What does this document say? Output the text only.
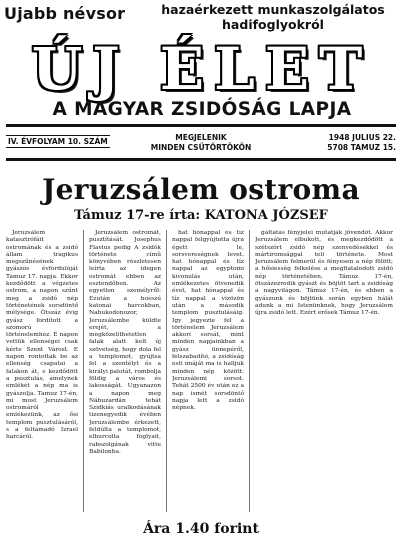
Ujabb névsor	hazaérkezett munkaszolgálatos hadifoglyokról
ÚJ ÉLET
A MAGYAR ZSIDÓSÁG LAPJA
IV. ÉVFOLYAM 10. SZÁM	MEGJELENIK
MINDEN CSÜTÖRTÖKÖN
1948 JULIUS 22.
5708 TAMUZ 15.
Jeruzsálem ostroma
Támuz 17-re írta: KATONA JÓZSEF

Jeruzsálem katasztrófáit ostromának és a zsidó állam tragikus megszűnésének gyászos évfordulóját Tamuz 17. napja. Ekkor kezdődött a végzetes ostrom, a napon szűnt meg a zsidó nép történetének sorsdöntő mélysége. Ötszáz évig gyász fordított a szomorú történelemhez. E napon vettük ellenségei csak kérte Szent Várost. E napon rontottak be az ellenség csapatai a falakon át, s kezdődött a pusztulás, amelynek emlékét a nép ma is gyászolja. Tamuz 17-én, mi most Jeruzsálem ostromáról emlékezünk, az ősi templom pusztulásáról, s a feltámadó Izrael harcáról.

Jeruzsálem ostromát, pusztítását. Josephus Flavius pedig A zsidók története című könyvében részletesen leírta az idegen ostromát ebben az esztendőben. Az egyetlen személyről: Ezután a hosszú katonai harcokban, Nabukodonozor, Jeruzsálembe küldte erejét, a megközelíthetetlen falak alatt kelt új szövetség, hogy dola fel a templomot, gyújtsa fel a szentélyt és a királyi palotát, rombolja földig a város és lakosságát. Ugyanazon a napon meg Nábuzardán tehát Szidkiás uralkodásának tizenegyedik évében Jeruzsálembe érkezett, feldúlta a templomot, elhurcolta foglyait, rabszolgának vitte Babilonba.

hat hónappal és tíz nappal felgyújtotta újra égett le, sorsvereségnek levet. hat hónappal és tíz nappal az egyptomi kivonulás után, emlékezetes ötvenedik évet, hat hónappal és tíz nappal a vizözön után a második templom pusztulásáig. Igy jegyezte fel a történelem Jeruzsálem akkori sorsát, mint minden napjainkban a gyász ünnepéről, felszabadító, a zsidóság esti imáját ma is halljuk minden nép között: Jeruzsálemi sorsot. Tehát 2500 év után ez a nap ismét sorsdöntő napja lett a zsidó népnek.

gáltatás fényjelei mutatják jövendőt. Akkor Jeruzsálem elbukott, és megkezdődött a szétszórt zsidó nép szenvedésekkel és mártíromsággal teli története. Most Jeruzsálem felmerül és fényesen a nép fölött; a hősiesség felkelése a megfiatalodott zsidó nép történetében. Támuz 17-én, ötszázezredik gyászt és böjtöt tart a zsidóság a nagyvilágon. Támuz 17-én, és ebben a gyászunk és böjtünk során egyben hálát adunk a mi Istenünknek, hogy Jeruzsálem újra zsidó lett. Ezért erősek Támuz 17-én.

Ára 1.40 forint
